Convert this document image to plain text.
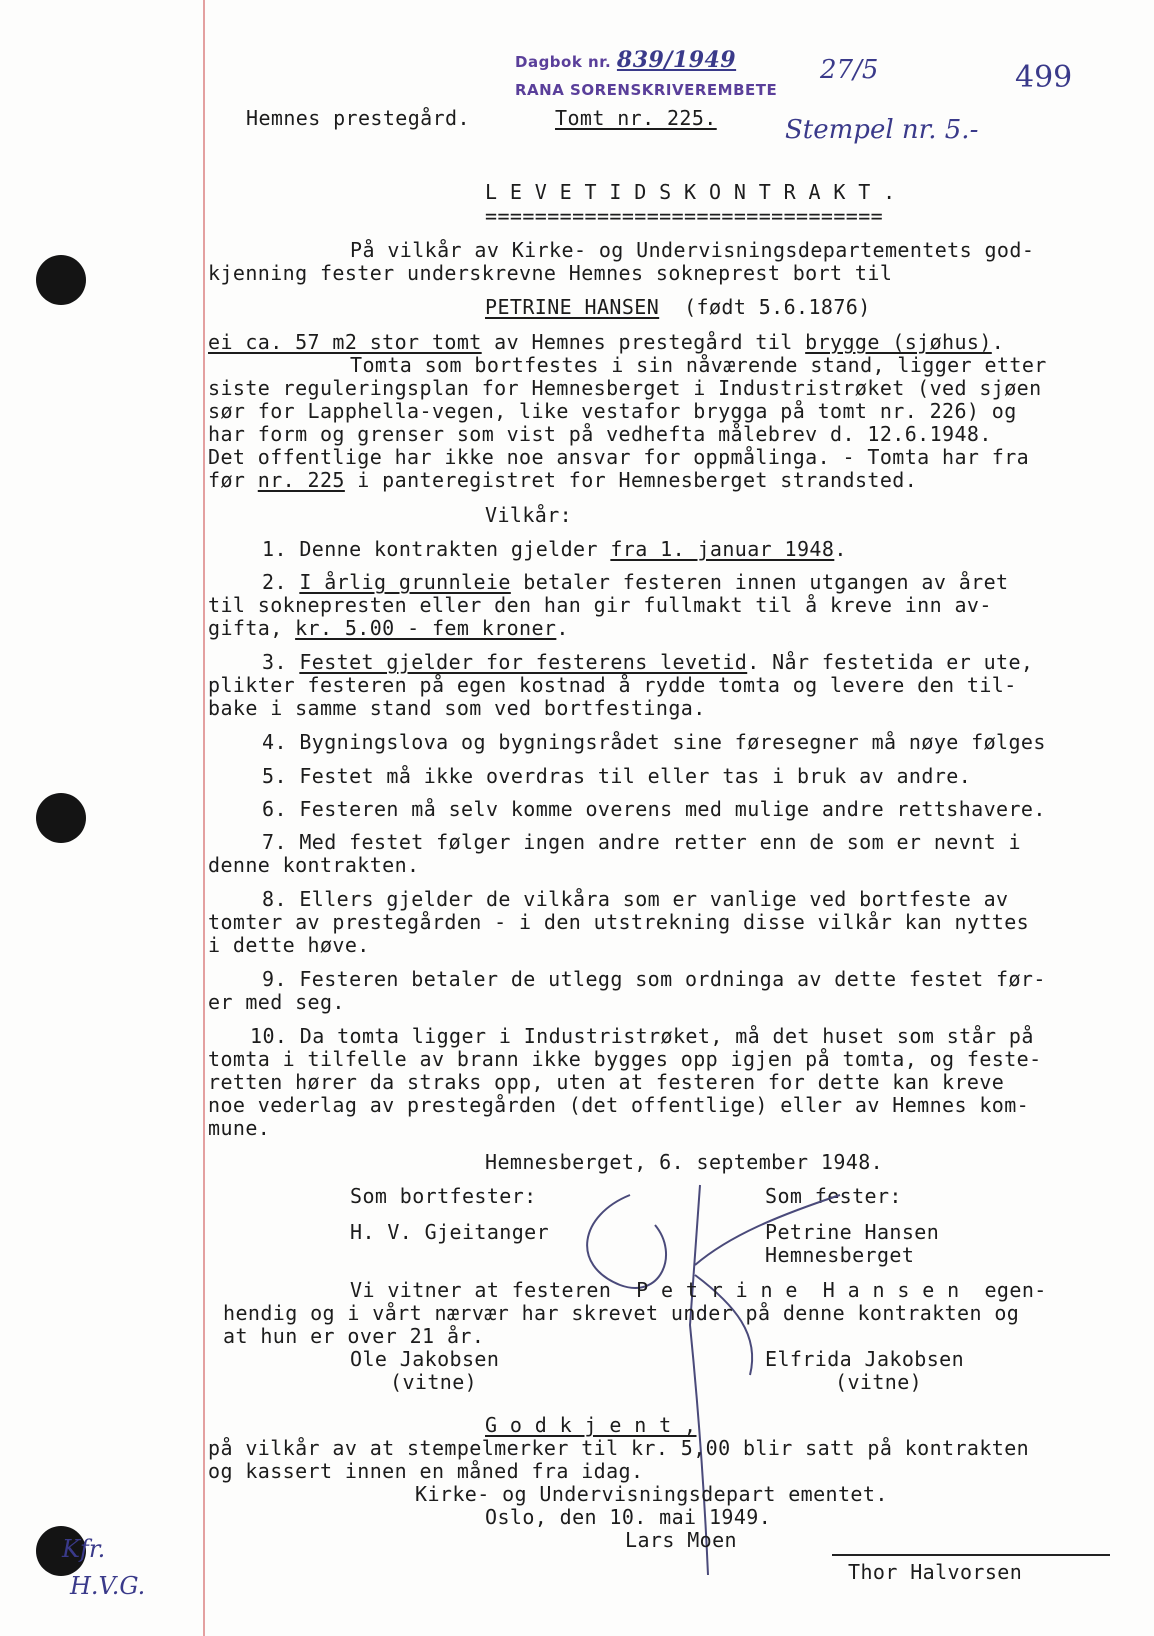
Dagbok nr. 839/1949
RANA SORENSKRIVEREMBETE	499
27/5
Stempel nr. 5.-
Kfr.
H.V.G.
Hemnes prestegård.	Tomt nr. 225.
L E V E T I D S K O N T R A K T .
================================
På vilkår av Kirke- og Undervisningsdepartementets god-
kjenning fester underskrevne Hemnes sokneprest bort til
PETRINE HANSEN (født 5.6.1876)
ei ca. 57 m2 stor tomt av Hemnes prestegård til brygge (sjøhus).
Tomta som bortfestes i sin nåværende stand, ligger etter
siste reguleringsplan for Hemnesberget i Industristrøket (ved sjøen
sør for Lapphella-vegen, like vestafor brygga på tomt nr. 226) og
har form og grenser som vist på vedhefta målebrev d. 12.6.1948.
Det offentlige har ikke noe ansvar for oppmålinga. - Tomta har fra
før nr. 225 i panteregistret for Hemnesberget strandsted.
Vilkår:
1. Denne kontrakten gjelder fra 1. januar 1948.
2. I årlig grunnleie betaler festeren innen utgangen av året
til soknepresten eller den han gir fullmakt til å kreve inn av-
gifta, kr. 5.00 - fem kroner.
3. Festet gjelder for festerens levetid. Når festetida er ute,
plikter festeren på egen kostnad å rydde tomta og levere den til-
bake i samme stand som ved bortfestinga.
4. Bygningslova og bygningsrådet sine føresegner må nøye følges
5. Festet må ikke overdras til eller tas i bruk av andre.
6. Festeren må selv komme overens med mulige andre rettshavere.
7. Med festet følger ingen andre retter enn de som er nevnt i
denne kontrakten.
8. Ellers gjelder de vilkåra som er vanlige ved bortfeste av
tomter av prestegården - i den utstrekning disse vilkår kan nyttes
i dette høve.
9. Festeren betaler de utlegg som ordninga av dette festet før-
er med seg.
10. Da tomta ligger i Industristrøket, må det huset som står på
tomta i tilfelle av brann ikke bygges opp igjen på tomta, og feste-
retten hører da straks opp, uten at festeren for dette kan kreve
noe vederlag av prestegården (det offentlige) eller av Hemnes kom-
mune.
Hemnesberget, 6. september 1948.
Som bortfester:	Som fester:
H. V. Gjeitanger	Petrine Hansen
Hemnesberget
Vi vitner at festeren  P e t r i n e  H a n s e n  egen-
hendig og i vårt nærvær har skrevet under på denne kontrakten og
at hun er over 21 år.
Ole Jakobsen
(vitne)
Elfrida Jakobsen
(vitne)
G o d k j e n t ,
på vilkår av at stempelmerker til kr. 5,00 blir satt på kontrakten
og kassert innen en måned fra idag.
Kirke- og Undervisningsdepart ementet.
Oslo, den 10. mai 1949.
Lars Moen
Thor Halvorsen
